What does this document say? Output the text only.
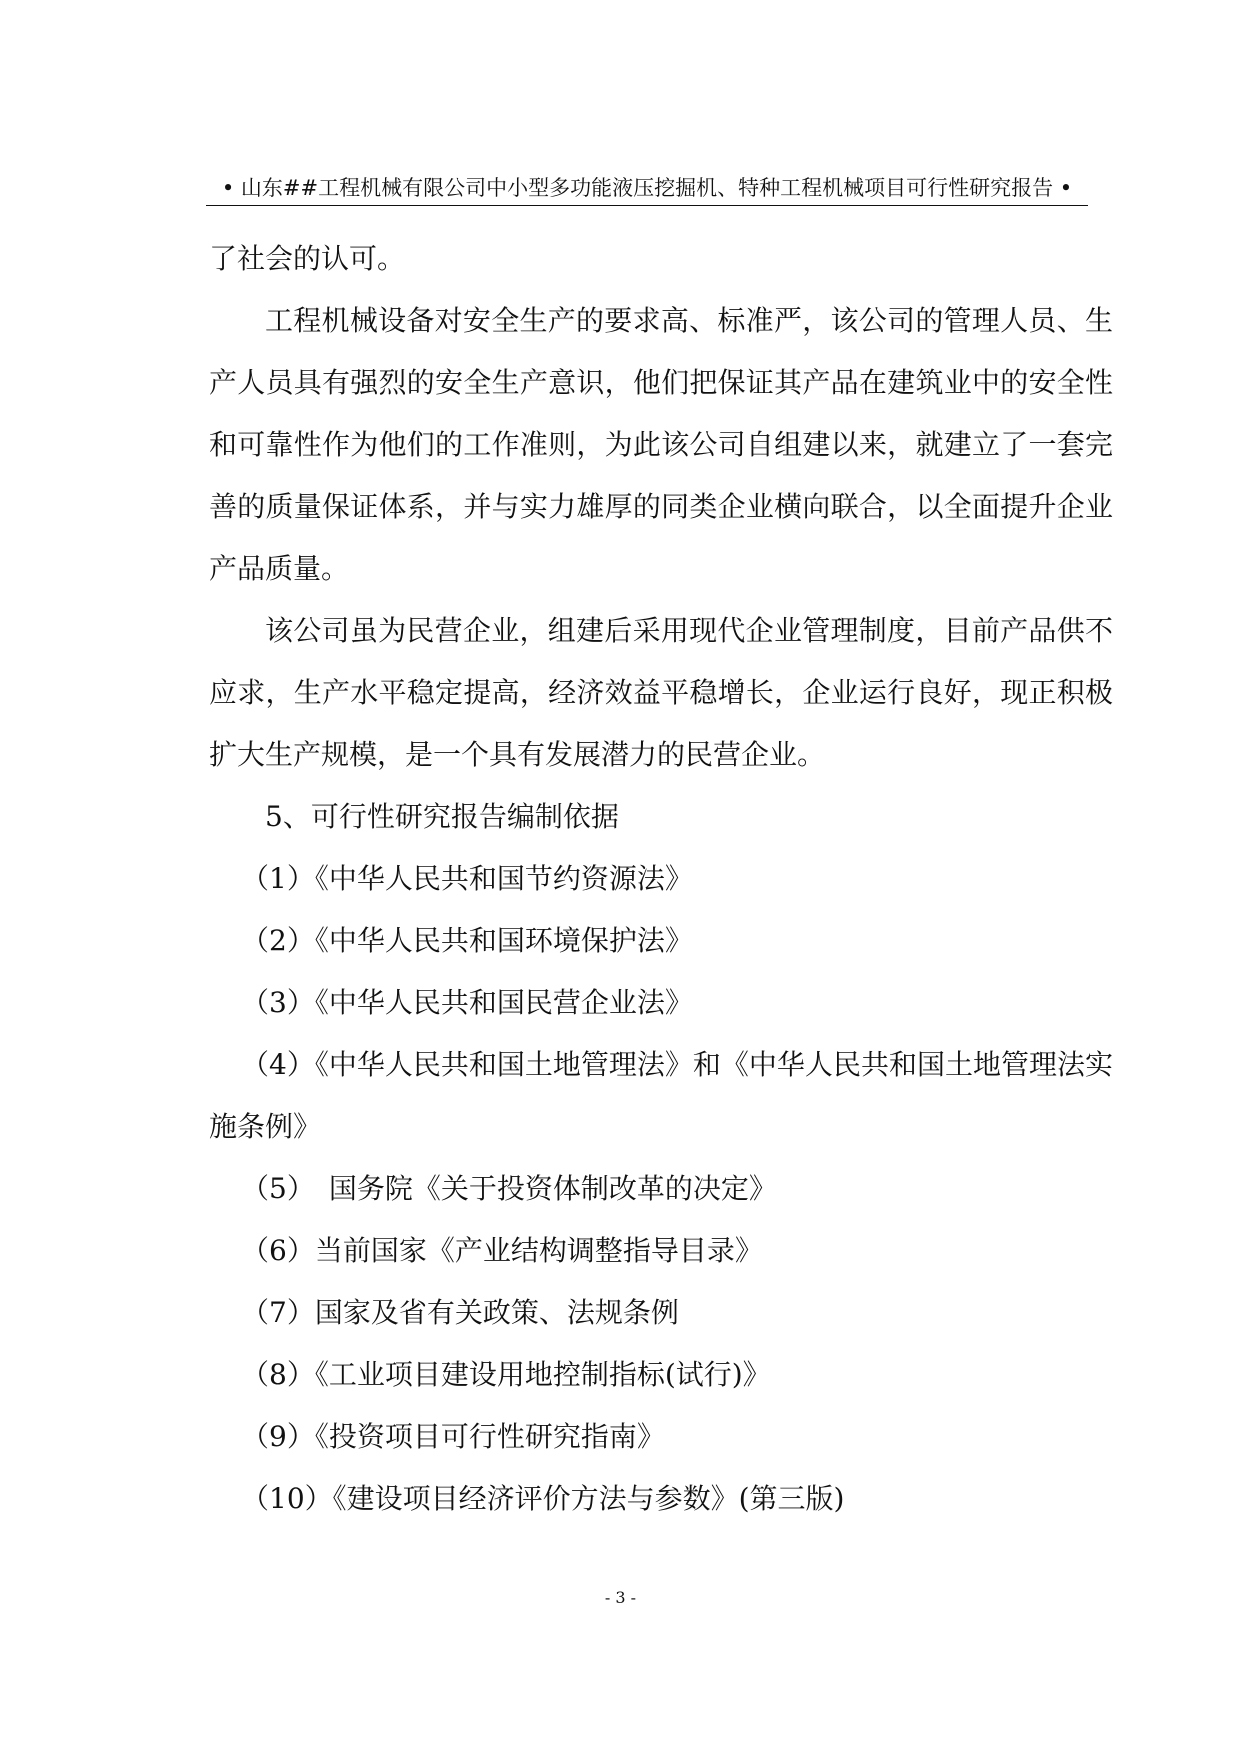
• 山东##工程机械有限公司中小型多功能液压挖掘机、特种工程机械项目可行性研究报告 •

了社会的认可。

工程机械设备对安全生产的要求高、标准严，该公司的管理人员、生产人员具有强烈的安全生产意识，他们把保证其产品在建筑业中的安全性和可靠性作为他们的工作准则，为此该公司自组建以来，就建立了一套完善的质量保证体系，并与实力雄厚的同类企业横向联合，以全面提升企业产品质量。

该公司虽为民营企业，组建后采用现代企业管理制度，目前产品供不应求，生产水平稳定提高，经济效益平稳增长，企业运行良好，现正积极扩大生产规模，是一个具有发展潜力的民营企业。

5、可行性研究报告编制依据

（1）《中华人民共和国节约资源法》

（2）《中华人民共和国环境保护法》

（3）《中华人民共和国民营企业法》

（4）《中华人民共和国土地管理法》和《中华人民共和国土地管理法实施条例》

（5）　国务院《关于投资体制改革的决定》

（6）当前国家《产业结构调整指导目录》

（7）国家及省有关政策、法规条例

（8）《工业项目建设用地控制指标(试行)》

（9）《投资项目可行性研究指南》

（10）《建设项目经济评价方法与参数》(第三版)

- 3 -
